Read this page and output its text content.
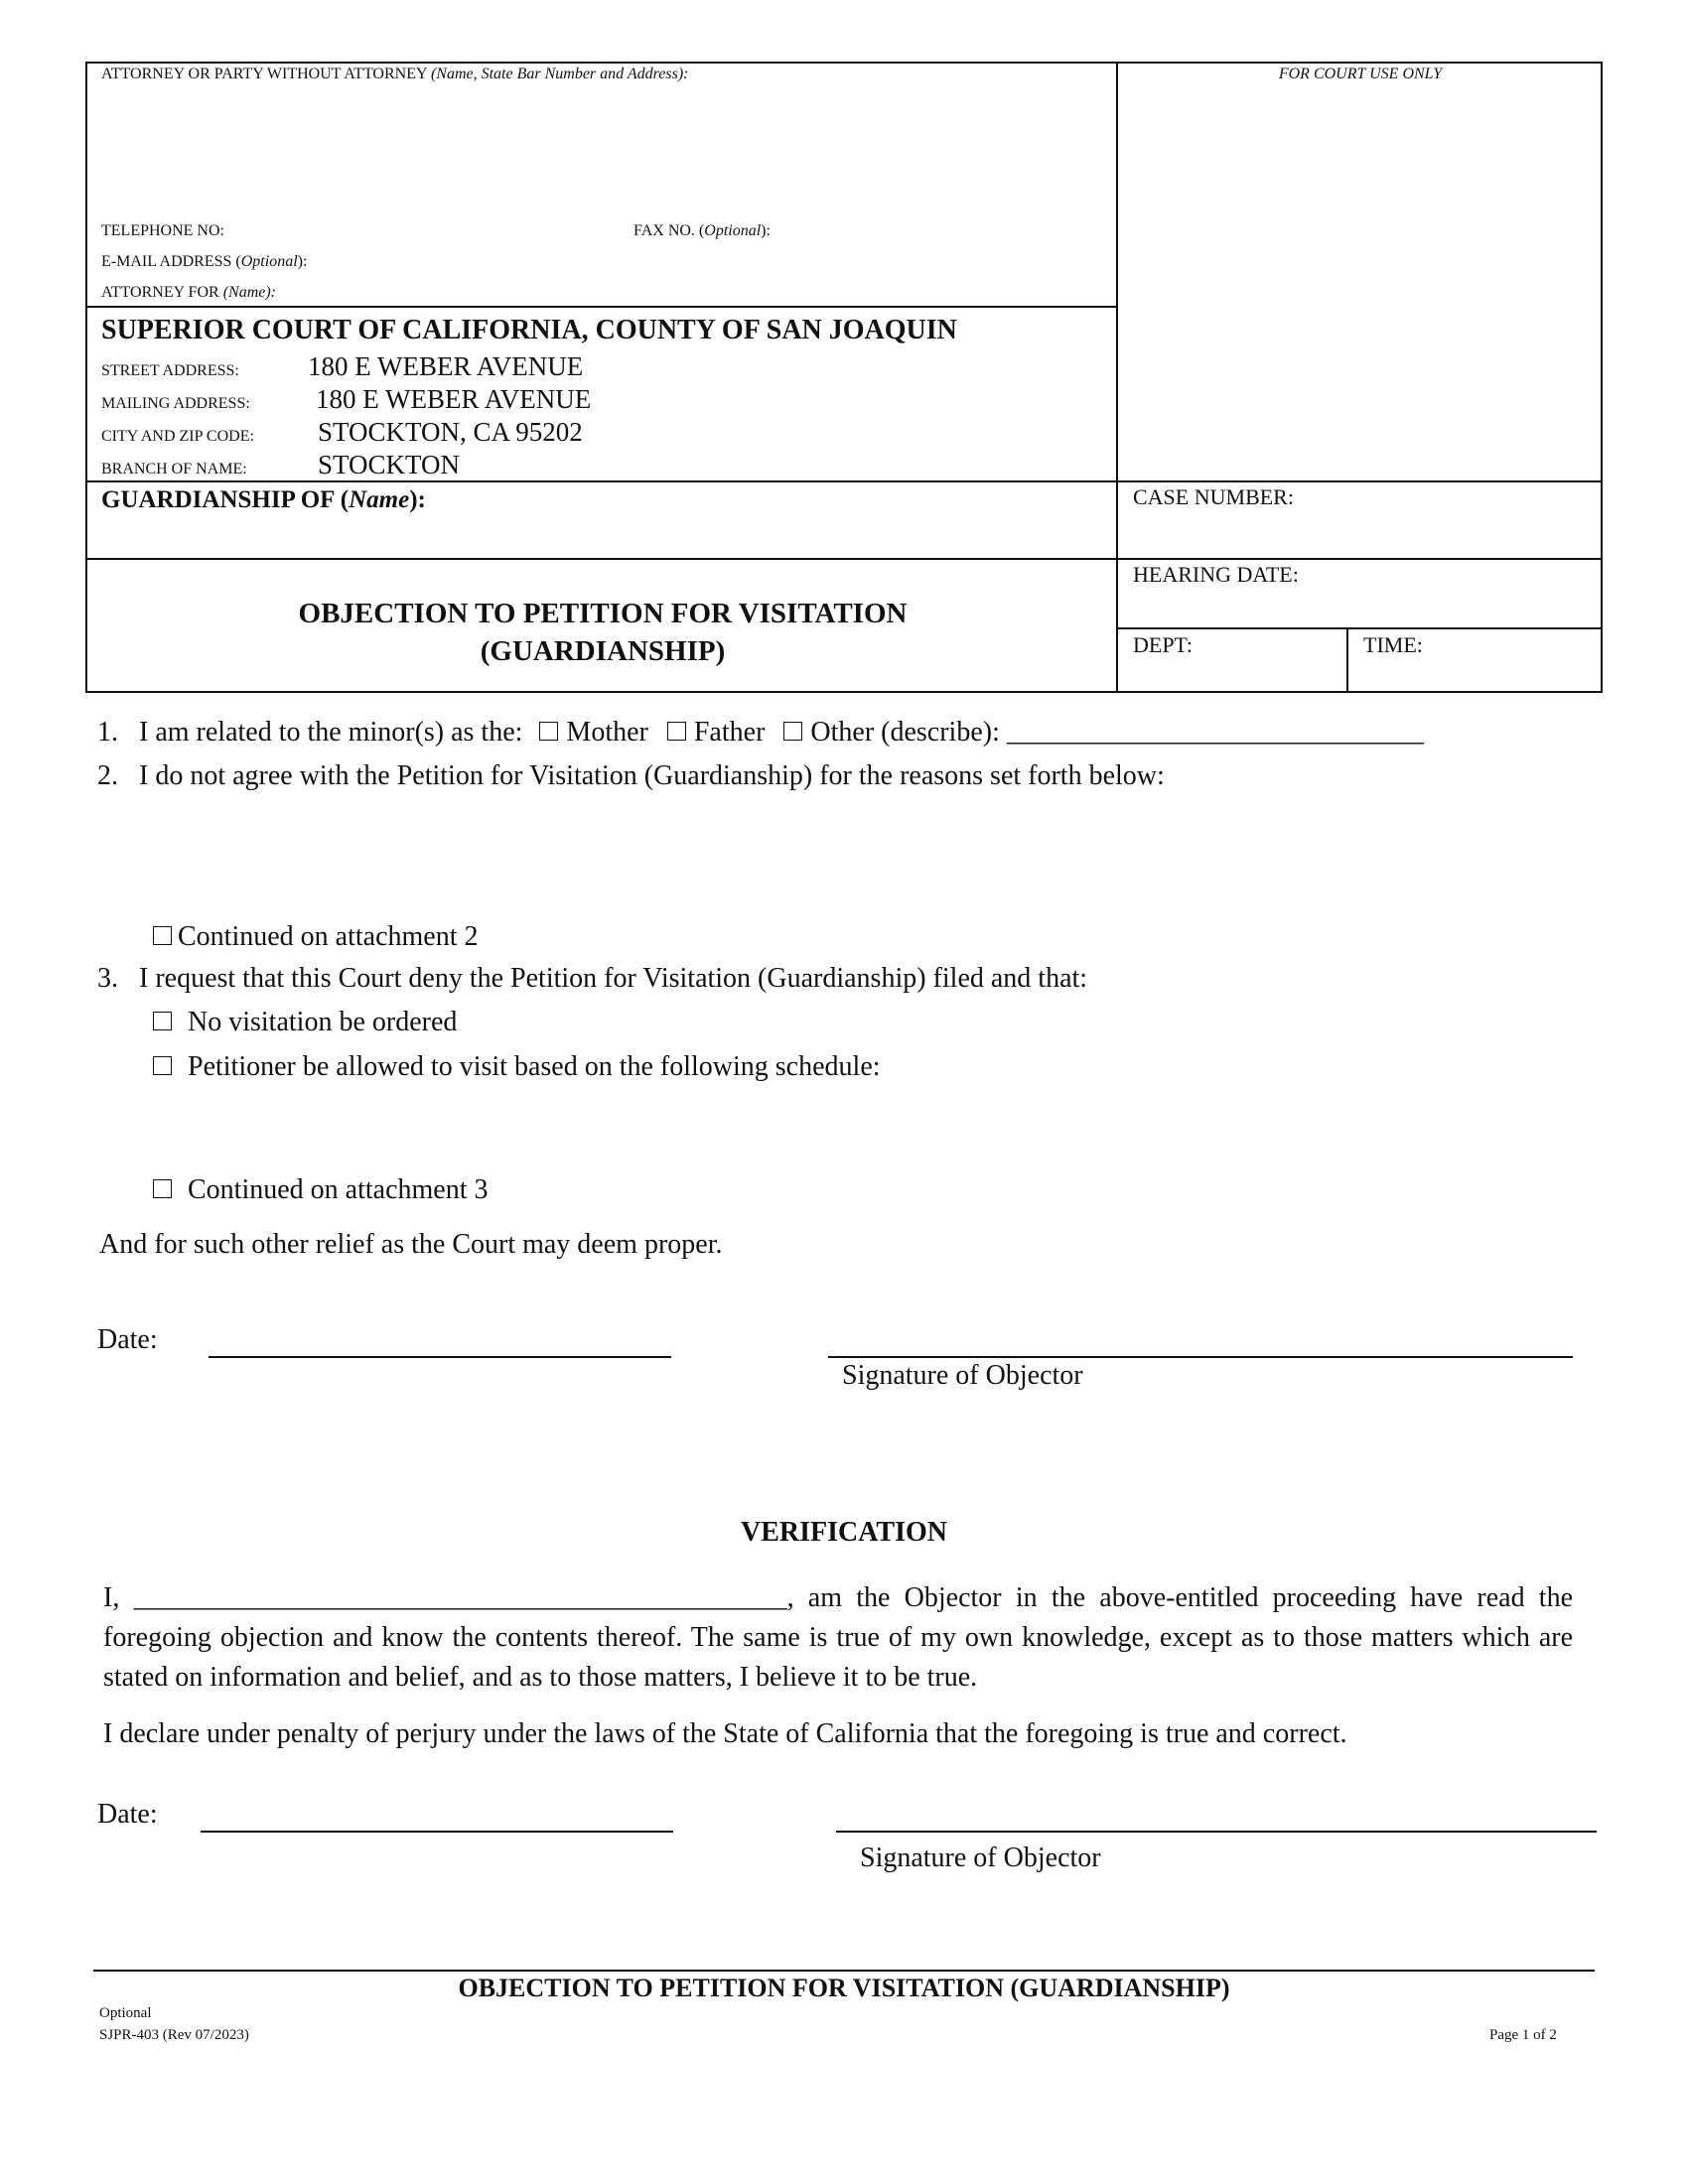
ATTORNEY OR PARTY WITHOUT ATTORNEY (Name, State Bar Number and Address):	FOR COURT USE ONLY
TELEPHONE NO:	FAX NO. (Optional):
E-MAIL ADDRESS (Optional):
ATTORNEY FOR (Name):
SUPERIOR COURT OF CALIFORNIA, COUNTY OF SAN JOAQUIN
STREET ADDRESS:	180 E WEBER AVENUE
MAILING ADDRESS: 180 E WEBER AVENUE
CITY AND ZIP CODE: STOCKTON, CA 95202
BRANCH OF NAME:	STOCKTON
GUARDIANSHIP OF (Name):	CASE NUMBER:
HEARING DATE:
DEPT:	TIME:
OBJECTION TO PETITION FOR VISITATION
(GUARDIANSHIP)
1. I am related to the minor(s) as the: Mother Father Other (describe): ______________________________
2. I do not agree with the Petition for Visitation (Guardianship) for the reasons set forth below:
Continued on attachment 2
3. I request that this Court deny the Petition for Visitation (Guardianship) filed and that:
No visitation be ordered
Petitioner be allowed to visit based on the following schedule:
Continued on attachment 3
And for such other relief as the Court may deem proper.
Date:
Signature of Objector
VERIFICATION
I, _______________________________________________, am the Objector in the above-entitled proceeding have read the foregoing objection and know the contents thereof. The same is true of my own knowledge, except as to those matters which are stated on information and belief, and as to those matters, I believe it to be true.
I declare under penalty of perjury under the laws of the State of California that the foregoing is true and correct.
Date:
Signature of Objector
OBJECTION TO PETITION FOR VISITATION (GUARDIANSHIP)
Optional
SJPR-403 (Rev 07/2023)	Page 1 of 2
